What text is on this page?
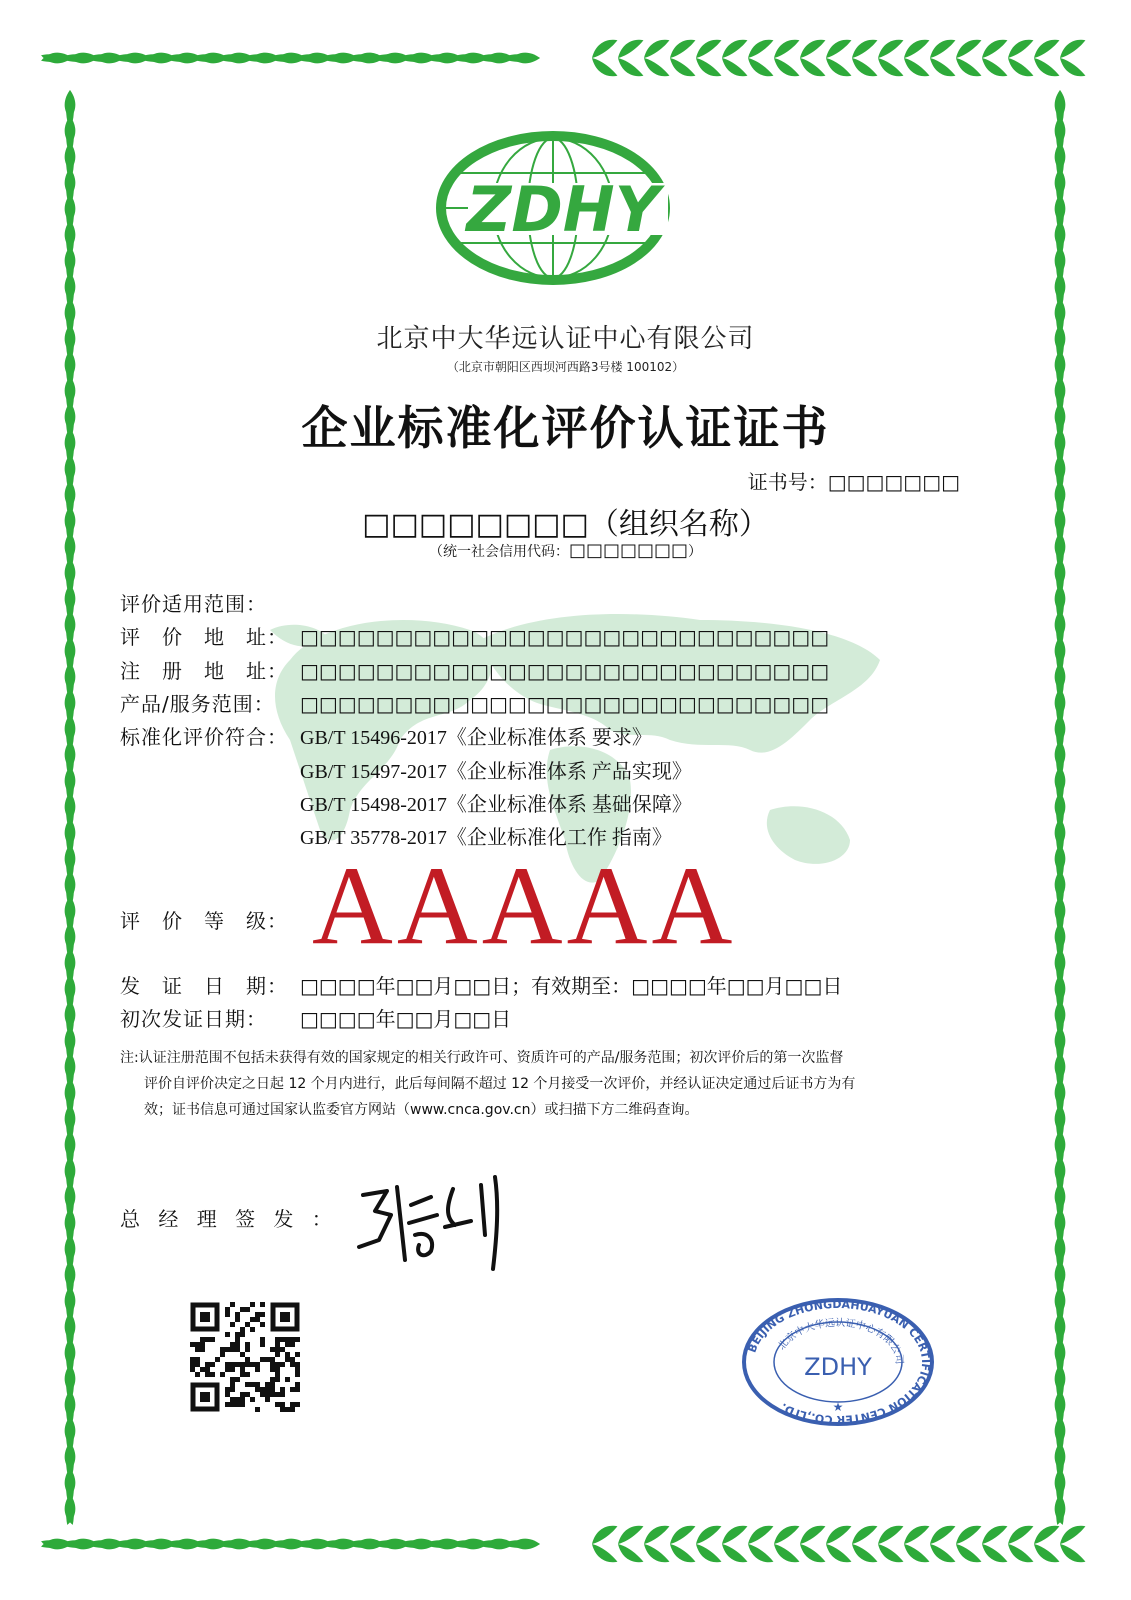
ZDHY
北京中大华远认证中心有限公司
（北京市朝阳区西坝河西路3号楼 100102）
企业标准化评价认证证书
证书号：□□□□□□□
□□□□□□□□（组织名称）
（统一社会信用代码：□□□□□□□）
评价适用范围：
评　价　地　址： □□□□□□□□□□□□□□□□□□□□□□□□□□□□
注　册　地　址： □□□□□□□□□□□□□□□□□□□□□□□□□□□□
产品/服务范围： □□□□□□□□□□□□□□□□□□□□□□□□□□□□
标准化评价符合： GB/T 15496-2017《企业标准体系 要求》
GB/T 15497-2017《企业标准体系 产品实现》
GB/T 15498-2017《企业标准体系 基础保障》
GB/T 35778-2017《企业标准化工作 指南》
评　价　等　级： AAAAA
发　证　日　期： □□□□年□□月□□日；有效期至：□□□□年□□月□□日
初次发证日期： □□□□年□□月□□日
注:认证注册范围不包括未获得有效的国家规定的相关行政许可、资质许可的产品/服务范围；初次评价后的第一次监督
评价自评价决定之日起 12 个月内进行，此后每间隔不超过 12 个月接受一次评价，并经认证决定通过后证书方为有
效；证书信息可通过国家认监委官方网站（www.cnca.gov.cn）或扫描下方二维码查询。
总 经 理 签 发 ：
BEIJING ZHONGDAHUAYUAN CERTIFICATION CENTER CO.,LTD.
北京中大华远认证中心有限公司
ZDHY
★
